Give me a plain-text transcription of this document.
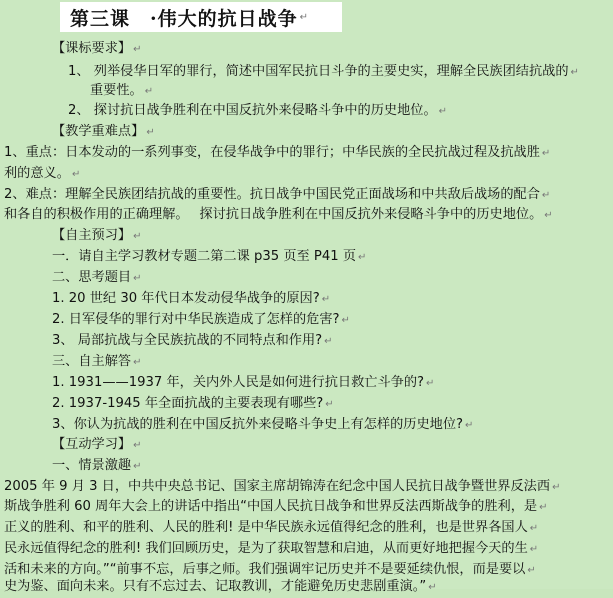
第三课　·伟大的抗日战争 ↵
【课标要求】 ↵
1、 列举侵华日军的罪行，简述中国军民抗日斗争的主要史实，理解全民族团结抗战的 ↵
重要性。 ↵
2、 探讨抗日战争胜利在中国反抗外来侵略斗争中的历史地位。 ↵
【教学重难点】 ↵
1、重点：日本发动的一系列事变，在侵华战争中的罪行；中华民族的全民抗战过程及抗战胜 ↵
利的意义。 ↵
2、难点：理解全民族团结抗战的重要性。抗日战争中国民党正面战场和中共敌后战场的配合 ↵
和各自的积极作用的正确理解。　 探讨抗日战争胜利在中国反抗外来侵略斗争中的历史地位。 ↵
【自主预习】 ↵
一．请自主学习教材专题二第二课 p35 页至 P41 页 ↵
二、思考题目 ↵
1. 20 世纪 30 年代日本发动侵华战争的原因? ↵
2. 日军侵华的罪行对中华民族造成了怎样的危害? ↵
3、 局部抗战与全民族抗战的不同特点和作用? ↵
三、自主解答 ↵
1. 1931——1937 年，关内外人民是如何进行抗日救亡斗争的? ↵
2. 1937-1945 年全面抗战的主要表现有哪些? ↵
3、你认为抗战的胜利在中国反抗外来侵略斗争史上有怎样的历史地位? ↵
【互动学习】 ↵
一、情景激趣 ↵
2005 年 9 月 3 日，中共中央总书记、国家主席胡锦涛在纪念中国人民抗日战争暨世界反法西 ↵
斯战争胜利 60 周年大会上的讲话中指出“中国人民抗日战争和世界反法西斯战争的胜利，是 ↵
正义的胜利、和平的胜利、人民的胜利! 是中华民族永远值得纪念的胜利，也是世界各国人 ↵
民永远值得纪念的胜利! 我们回顾历史，是为了获取智慧和启迪，从而更好地把握今天的生 ↵
活和未来的方向。”“前事不忘，后事之师。我们强调牢记历史并不是要延续仇恨，而是要以 ↵
史为鉴、面向未来。只有不忘过去、记取教训，才能避免历史悲剧重演。” ↵
